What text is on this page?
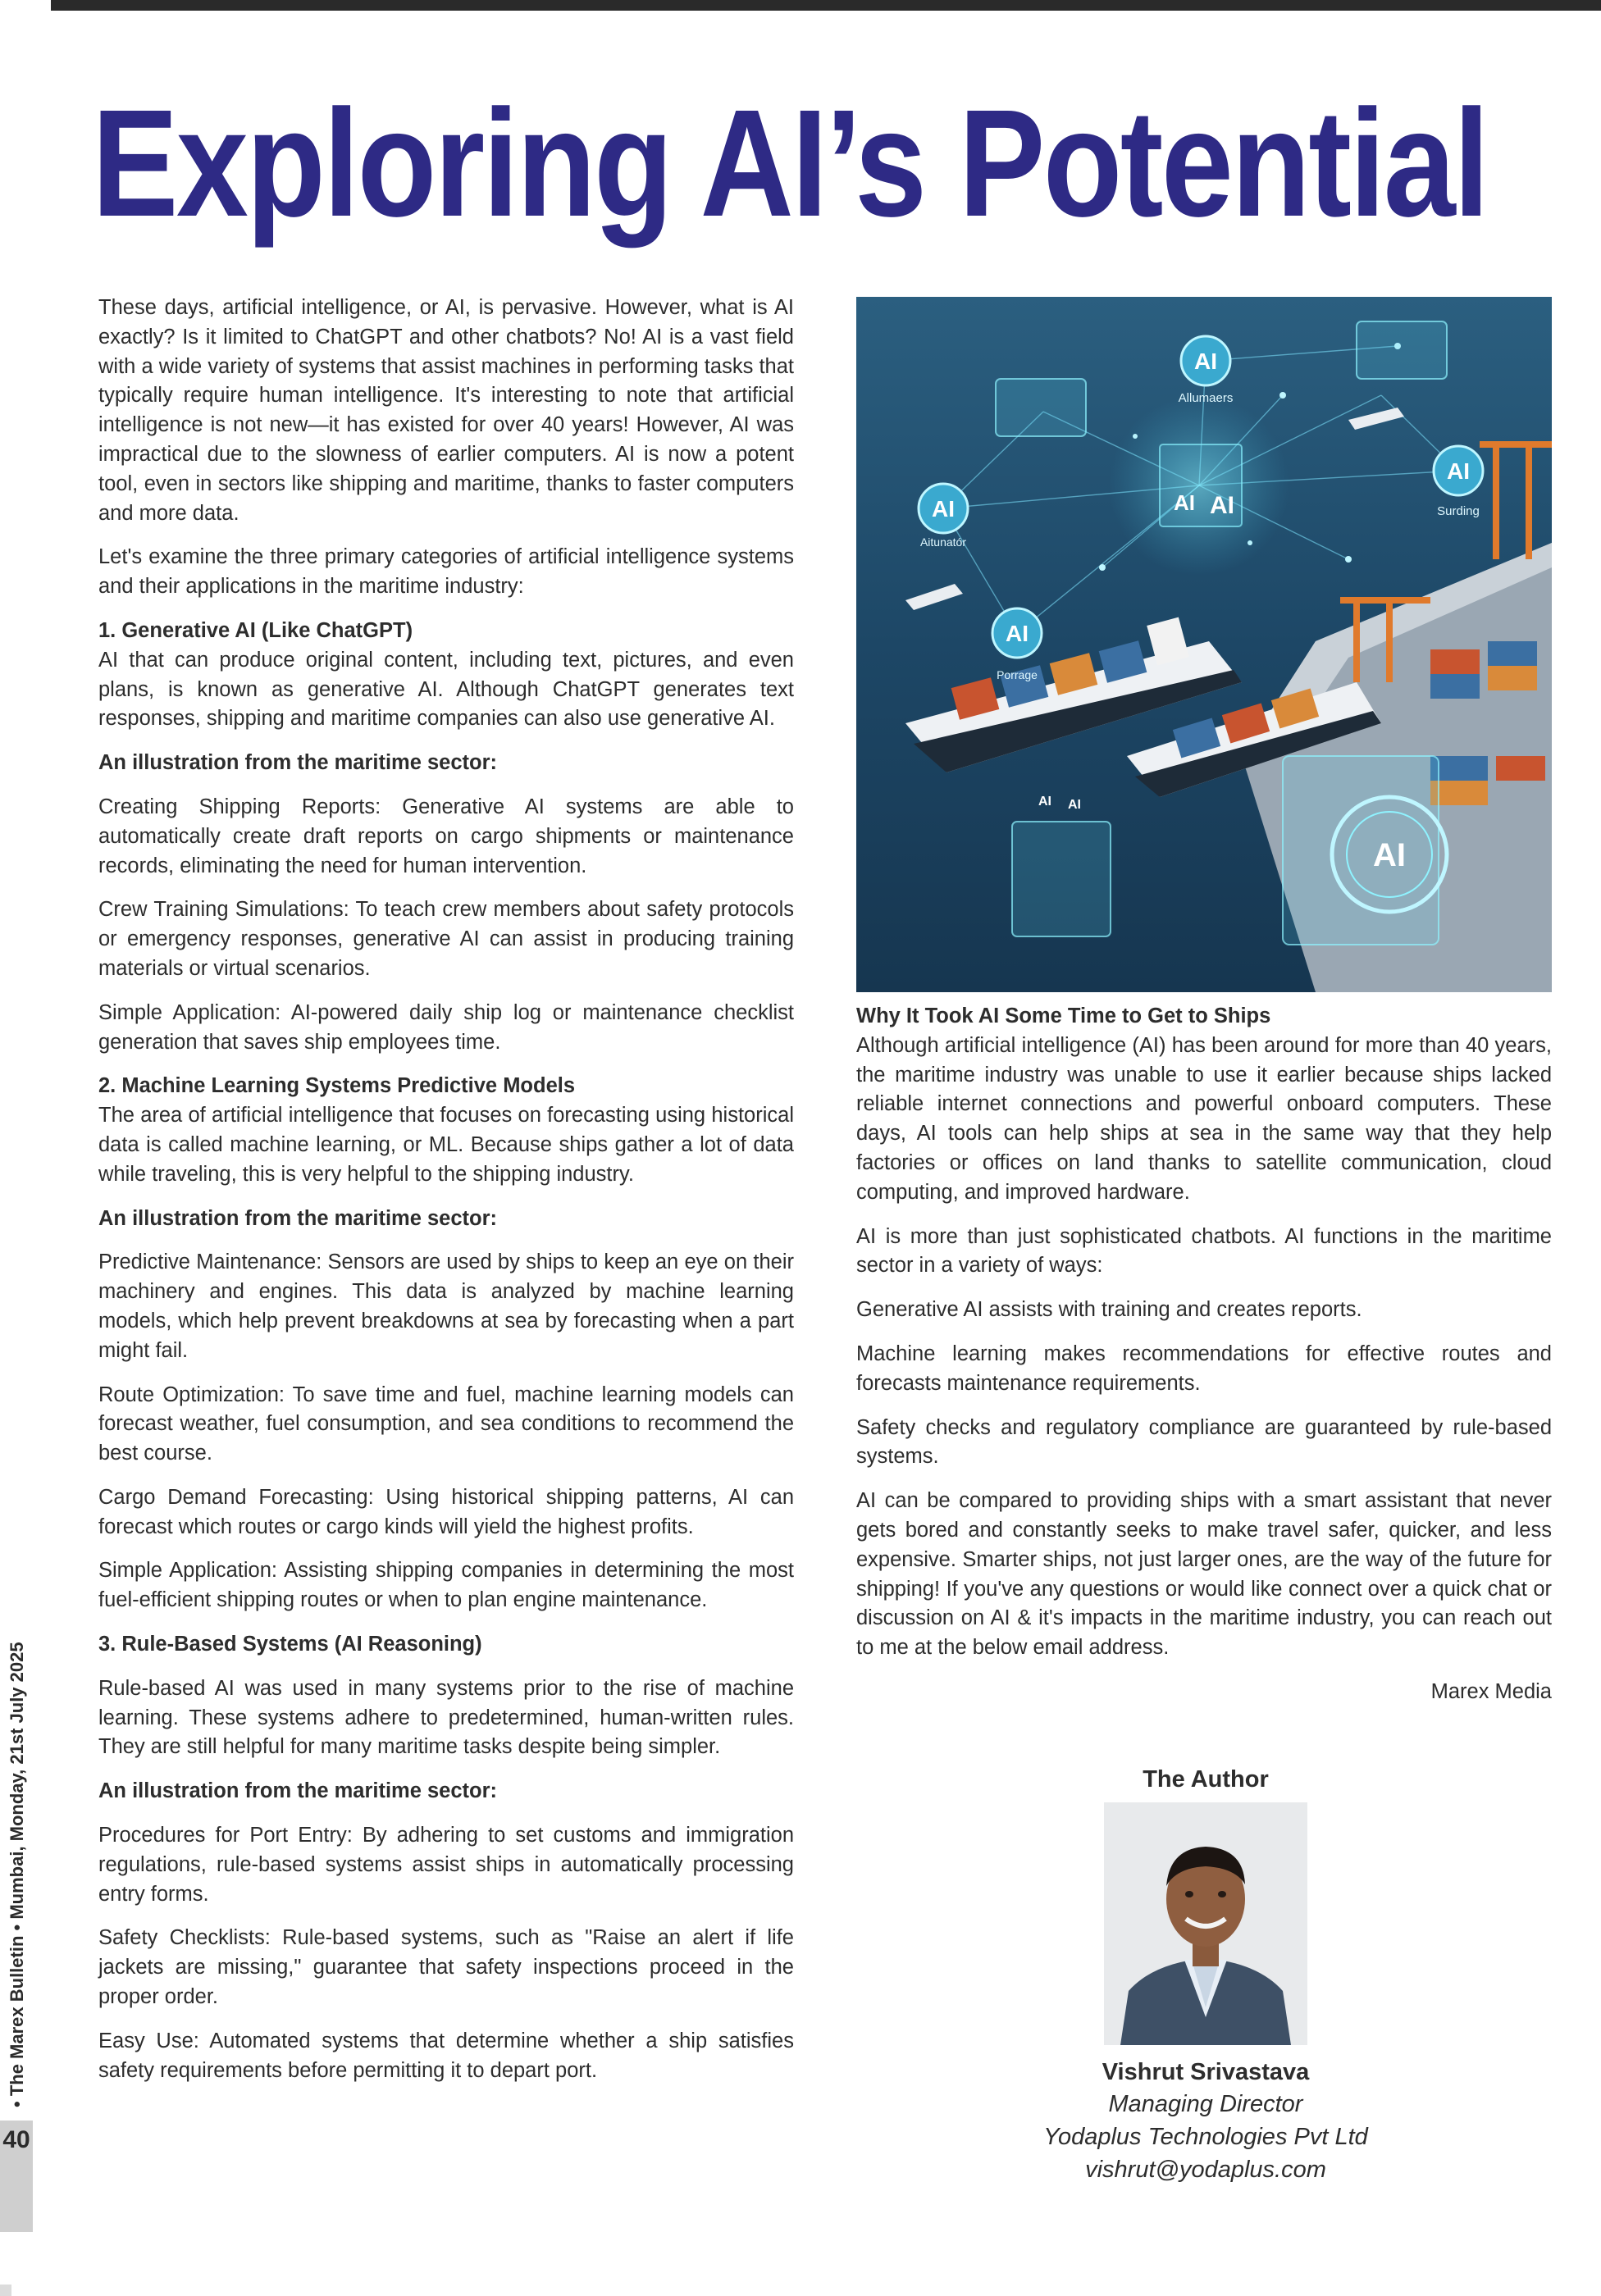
Exploring AI’s Potential

These days, artificial intelligence, or AI, is pervasive. However, what is AI exactly? Is it limited to ChatGPT and other chatbots? No! AI is a vast field with a wide variety of systems that assist machines in performing tasks that typically require human intelligence. It's interesting to note that artificial intelligence is not new—it has existed for over 40 years! However, AI was impractical due to the slowness of earlier computers. AI is now a potent tool, even in sectors like shipping and maritime, thanks to faster computers and more data.

Let's examine the three primary categories of artificial intelligence systems and their applications in the maritime industry:

1. Generative AI (Like ChatGPT)
AI that can produce original content, including text, pictures, and even plans, is known as generative AI. Although ChatGPT generates text responses, shipping and maritime companies can also use generative AI.

An illustration from the maritime sector:

Creating Shipping Reports: Generative AI systems are able to automatically create draft reports on cargo shipments or maintenance records, eliminating the need for human intervention.

Crew Training Simulations: To teach crew members about safety protocols or emergency responses, generative AI can assist in producing training materials or virtual scenarios.

Simple Application: AI-powered daily ship log or maintenance checklist generation that saves ship employees time.

2. Machine Learning Systems Predictive Models
The area of artificial intelligence that focuses on forecasting using historical data is called machine learning, or ML. Because ships gather a lot of data while traveling, this is very helpful to the shipping industry.

An illustration from the maritime sector:

Predictive Maintenance: Sensors are used by ships to keep an eye on their machinery and engines. This data is analyzed by machine learning models, which help prevent breakdowns at sea by forecasting when a part might fail.

Route Optimization: To save time and fuel, machine learning models can forecast weather, fuel consumption, and sea conditions to recommend the best course.

Cargo Demand Forecasting: Using historical shipping patterns, AI can forecast which routes or cargo kinds will yield the highest profits.

Simple Application: Assisting shipping companies in determining the most fuel-efficient shipping routes or when to plan engine maintenance.

3. Rule-Based Systems (AI Reasoning)

Rule-based AI was used in many systems prior to the rise of machine learning. These systems adhere to predetermined, human-written rules. They are still helpful for many maritime tasks despite being simpler.

An illustration from the maritime sector:

Procedures for Port Entry: By adhering to set customs and immigration regulations, rule-based systems assist ships in automatically processing entry forms.

Safety Checklists: Rule-based systems, such as "Raise an alert if life jackets are missing," guarantee that safety inspections proceed in the proper order.

Easy Use: Automated systems that determine whether a ship satisfies safety requirements before permitting it to depart port.

AI
Allumaers
AI
Aitunatór
AI
Surding
AI
Porrage
AI AI
AI AI
AI

Why It Took AI Some Time to Get to Ships
Although artificial intelligence (AI) has been around for more than 40 years, the maritime industry was unable to use it earlier because ships lacked reliable internet connections and powerful onboard computers. These days, AI tools can help ships at sea in the same way that they help factories or offices on land thanks to satellite communication, cloud computing, and improved hardware.

AI is more than just sophisticated chatbots. AI functions in the maritime sector in a variety of ways:

Generative AI assists with training and creates reports.

Machine learning makes recommendations for effective routes and forecasts maintenance requirements.

Safety checks and regulatory compliance are guaranteed by rule-based systems.

AI can be compared to providing ships with a smart assistant that never gets bored and constantly seeks to make travel safer, quicker, and less expensive. Smarter ships, not just larger ones, are the way of the future for shipping! If you've any questions or would like connect over a quick chat or discussion on AI & it's impacts in the maritime industry, you can reach out to me at the below email address.

Marex Media

The Author
Vishrut Srivastava
Managing Director
Yodaplus Technologies Pvt Ltd
vishrut@yodaplus.com
• The Marex Bulletin • Mumbai, Monday, 21st July 2025
40
